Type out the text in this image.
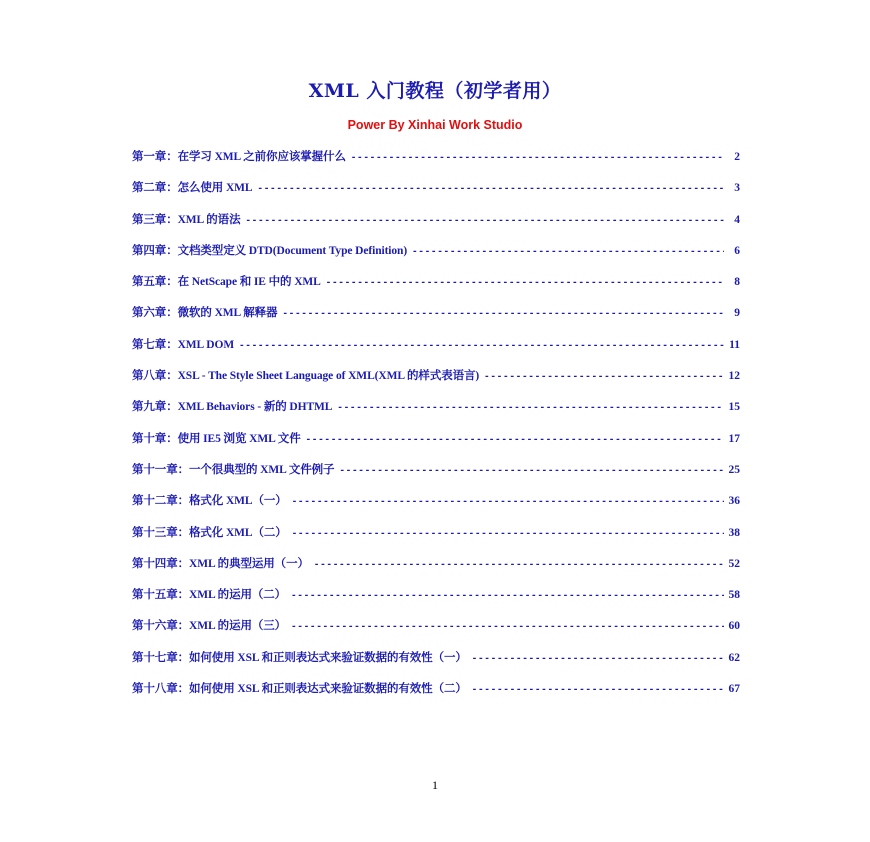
XML 入门教程（初学者用）

Power By Xinhai Work Studio

第一章：在学习 XML 之前你应该掌握什么 -----	2
第二章：怎么使用 XML -----	3
第三章：XML 的语法 -----	4
第四章：文档类型定义 DTD(Document Type Definition) -----	6
第五章：在 NetScape 和 IE 中的 XML -----	8
第六章：微软的 XML 解释器 -----	9
第七章：XML DOM -----	11
第八章：XSL - The Style Sheet Language of XML(XML 的样式表语言) -----	12
第九章：XML Behaviors - 新的 DHTML -----	15
第十章：使用 IE5 浏览 XML 文件 -----	17
第十一章：一个很典型的 XML 文件例子 -----	25
第十二章：格式化 XML（一） -----	36
第十三章：格式化 XML（二） -----	38
第十四章：XML 的典型运用（一） -----	52
第十五章：XML 的运用（二） -----	58
第十六章：XML 的运用（三） -----	60
第十七章：如何使用 XSL 和正则表达式来验证数据的有效性（一） -----	62
第十八章：如何使用 XSL 和正则表达式来验证数据的有效性（二） -----	67

1
